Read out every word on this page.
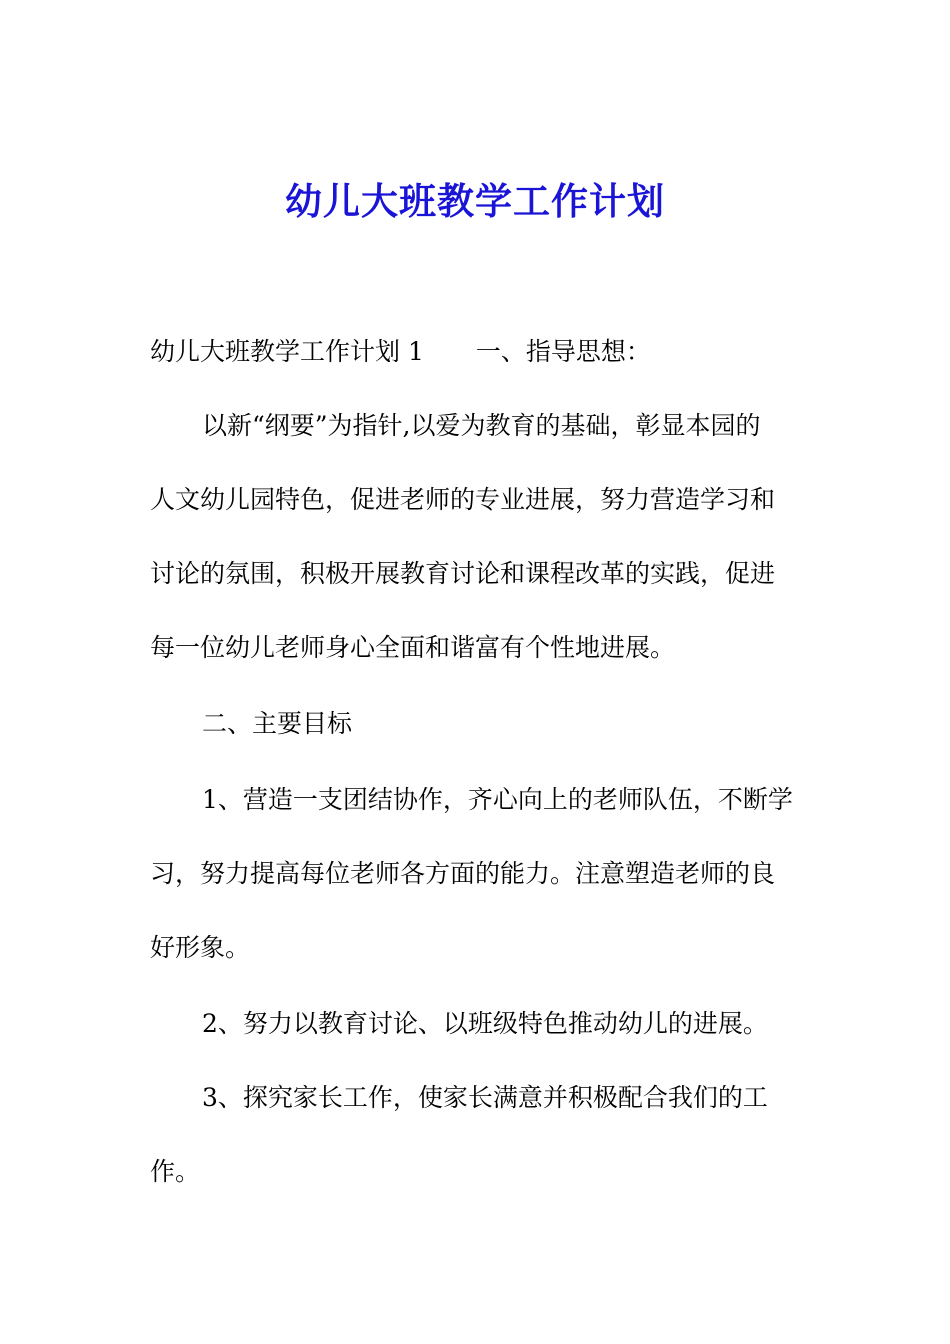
幼儿大班教学工作计划
幼儿大班教学工作计划 1 一、指导思想：
以新“纲要”为指针,以爱为教育的基础，彰显本园的
人文幼儿园特色，促进老师的专业进展，努力营造学习和
讨论的氛围，积极开展教育讨论和课程改革的实践，促进
每一位幼儿老师身心全面和谐富有个性地进展。
二、主要目标
1、营造一支团结协作，齐心向上的老师队伍，不断学
习，努力提高每位老师各方面的能力。注意塑造老师的良
好形象。
2、努力以教育讨论、以班级特色推动幼儿的进展。
3、探究家长工作，使家长满意并积极配合我们的工
作。
